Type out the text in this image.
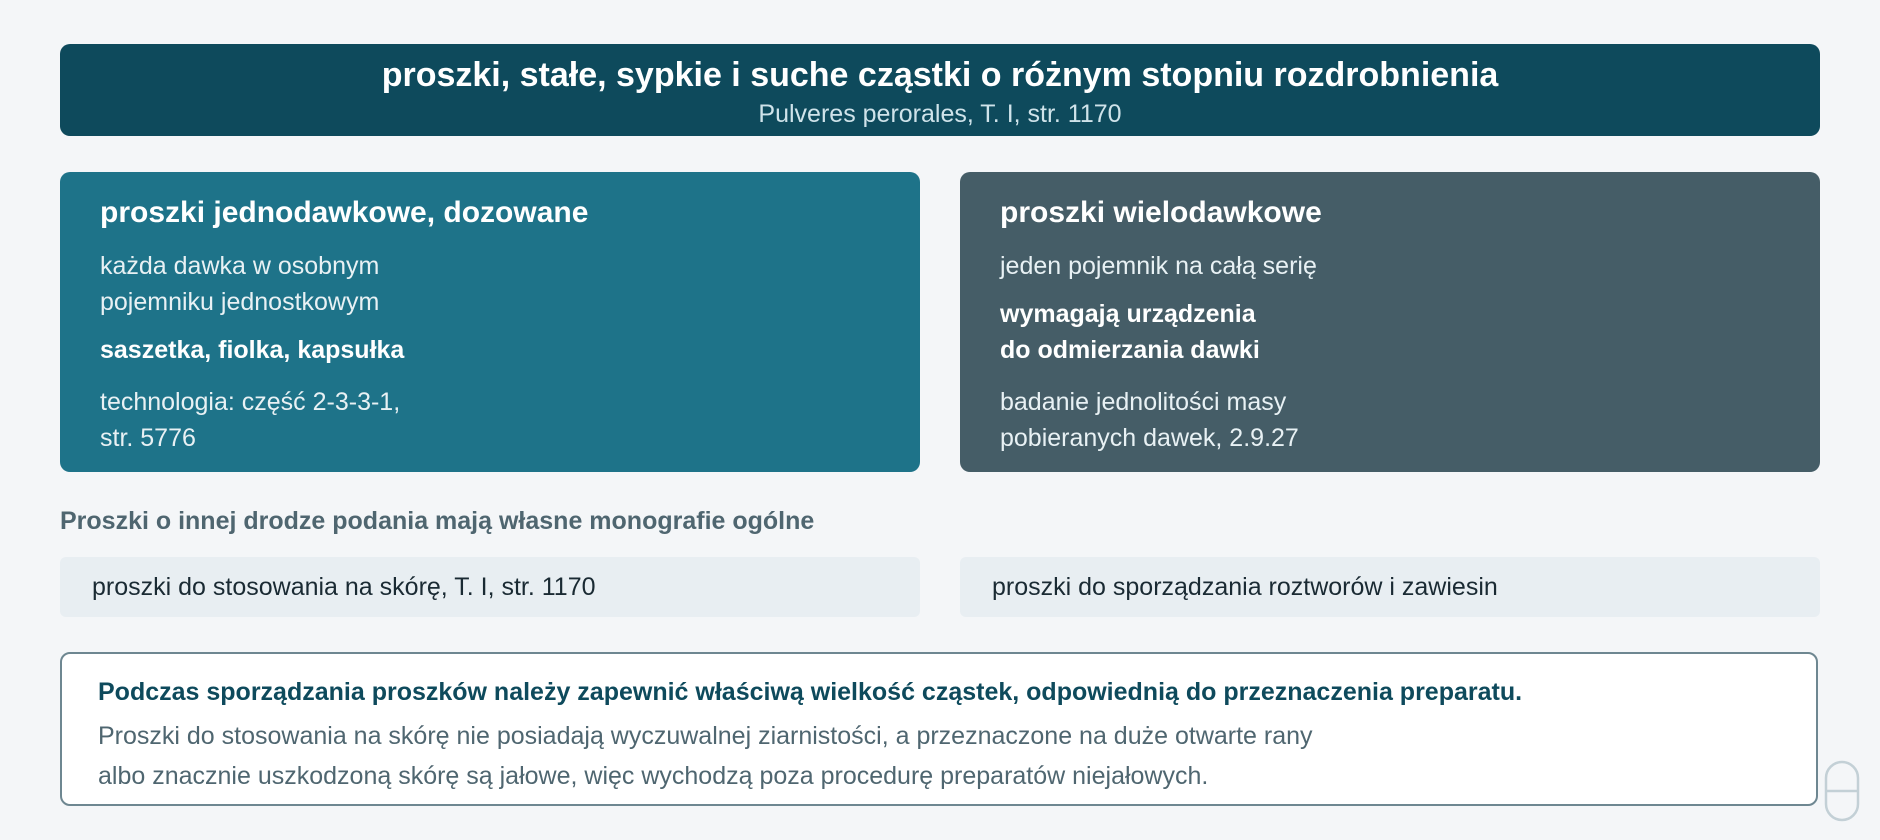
proszki, stałe, sypkie i suche cząstki o różnym stopniu rozdrobnienia
Pulveres perorales, T. I, str. 1170
proszki jednodawkowe, dozowane
każda dawka w osobnym
pojemniku jednostkowym
saszetka, fiolka, kapsułka
technologia: część 2-3-3-1,
str. 5776
proszki wielodawkowe
jeden pojemnik na całą serię
wymagają urządzenia
do odmierzania dawki
badanie jednolitości masy
pobieranych dawek, 2.9.27
Proszki o innej drodze podania mają własne monografie ogólne
proszki do stosowania na skórę, T. I, str. 1170	proszki do sporządzania roztworów i zawiesin
Podczas sporządzania proszków należy zapewnić właściwą wielkość cząstek, odpowiednią do przeznaczenia preparatu.
Proszki do stosowania na skórę nie posiadają wyczuwalnej ziarnistości, a przeznaczone na duże otwarte rany
albo znacznie uszkodzoną skórę są jałowe, więc wychodzą poza procedurę preparatów niejałowych.
